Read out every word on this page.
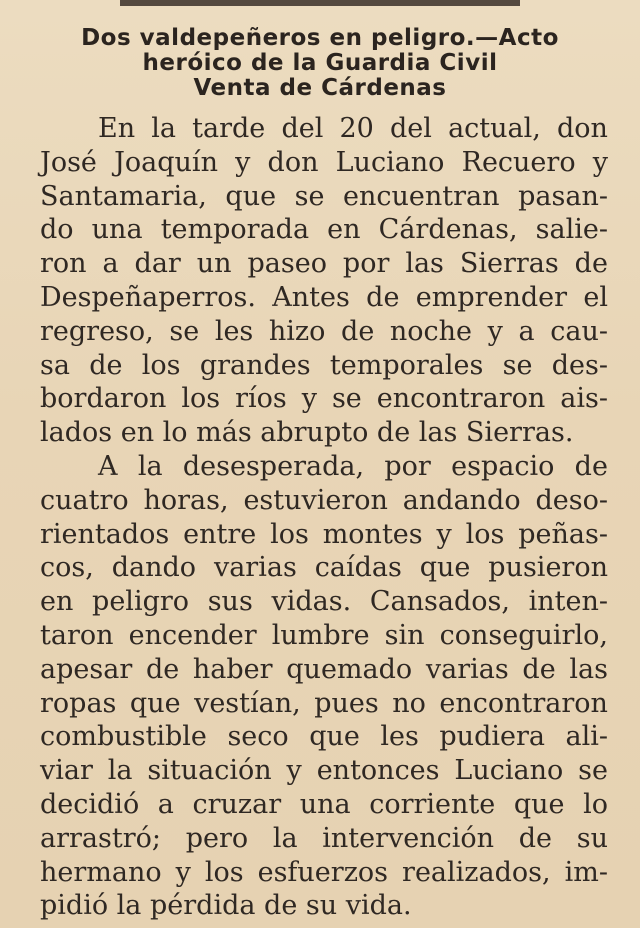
Dos valdepeñeros en peligro.—Acto
heróico de la Guardia Civil
Venta de Cárdenas
En la tarde del 20 del actual, don
José Joaquín y don Luciano Recuero y
Santamaria, que se encuentran pasan-
do una temporada en Cárdenas, salie-
ron a dar un paseo por las Sierras de
Despeñaperros. Antes de emprender el
regreso, se les hizo de noche y a cau-
sa de los grandes temporales se des-
bordaron los ríos y se encontraron ais-
lados en lo más abrupto de las Sierras.
A la desesperada, por espacio de
cuatro horas, estuvieron andando deso-
rientados entre los montes y los peñas-
cos, dando varias caídas que pusieron
en peligro sus vidas. Cansados, inten-
taron encender lumbre sin conseguirlo,
apesar de haber quemado varias de las
ropas que vestían, pues no encontraron
combustible seco que les pudiera ali-
viar la situación y entonces Luciano se
decidió a cruzar una corriente que lo
arrastró; pero la intervención de su
hermano y los esfuerzos realizados, im-
pidió la pérdida de su vida.
